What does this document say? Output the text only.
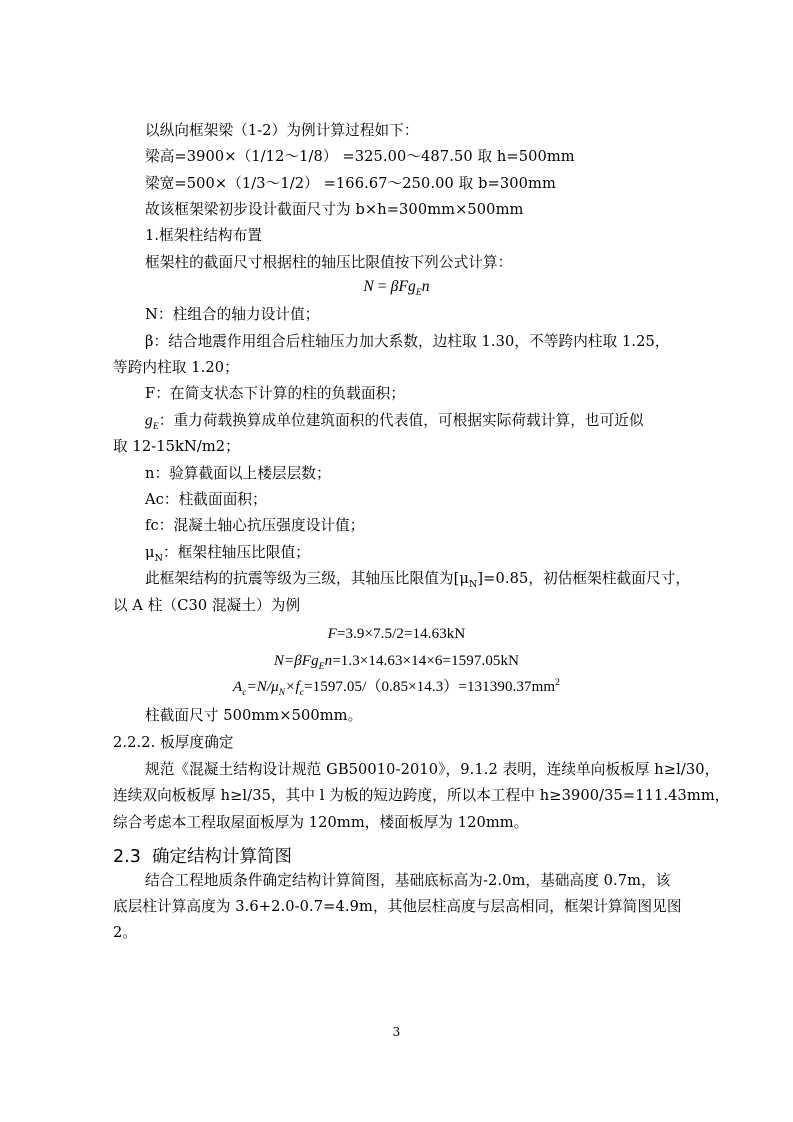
以纵向框架梁（1-2）为例计算过程如下：
梁高=3900×（1/12～1/8） =325.00～487.50 取 h=500mm
梁宽=500×（1/3～1/2） =166.67～250.00 取 b=300mm
故该框架梁初步设计截面尺寸为 b×h=300mm×500mm
1.框架柱结构布置
框架柱的截面尺寸根据柱的轴压比限值按下列公式计算：
N = βFg$_E$n
N：柱组合的轴力设计值；
β：结合地震作用组合后柱轴压力加大系数，边柱取 1.30，不等跨内柱取 1.25，
等跨内柱取 1.20；
F：在简支状态下计算的柱的负载面积；
$g_E$：重力荷载换算成单位建筑面积的代表值，可根据实际荷载计算，也可近似
取 12-15kN/m2；
n：验算截面以上楼层层数；
Ac：柱截面面积；
fc：混凝土轴心抗压强度设计值；
$\mu_N$：框架柱轴压比限值；
此框架结构的抗震等级为三级，其轴压比限值为$[\mu_N]=0.85$，初估框架柱截面尺寸，
以 A 柱（C30 混凝土）为例
F=3.9×7.5/2=14.63kN
N=βFg$_E$n=1.3×14.63×14×6=1597.05kN
$A_c=N/\mu_N\times f_c=1597.05/(0.85\times 14.3)=131390.37mm^2$
柱截面尺寸 500mm×500mm。
2.2.2. 板厚度确定
规范《混凝土结构设计规范 GB50010-2010》，9.1.2 表明，连续单向板板厚 h≥l/30，
连续双向板板厚 h≥l/35，其中 l 为板的短边跨度，所以本工程中 h≥3900/35=111.43mm，
综合考虑本工程取屋面板厚为 120mm，楼面板厚为 120mm。
2.3 确定结构计算简图
结合工程地质条件确定结构计算简图，基础底标高为-2.0m，基础高度 0.7m，该
底层柱计算高度为 3.6+2.0-0.7=4.9m，其他层柱高度与层高相同，框架计算简图见图
2。
3
